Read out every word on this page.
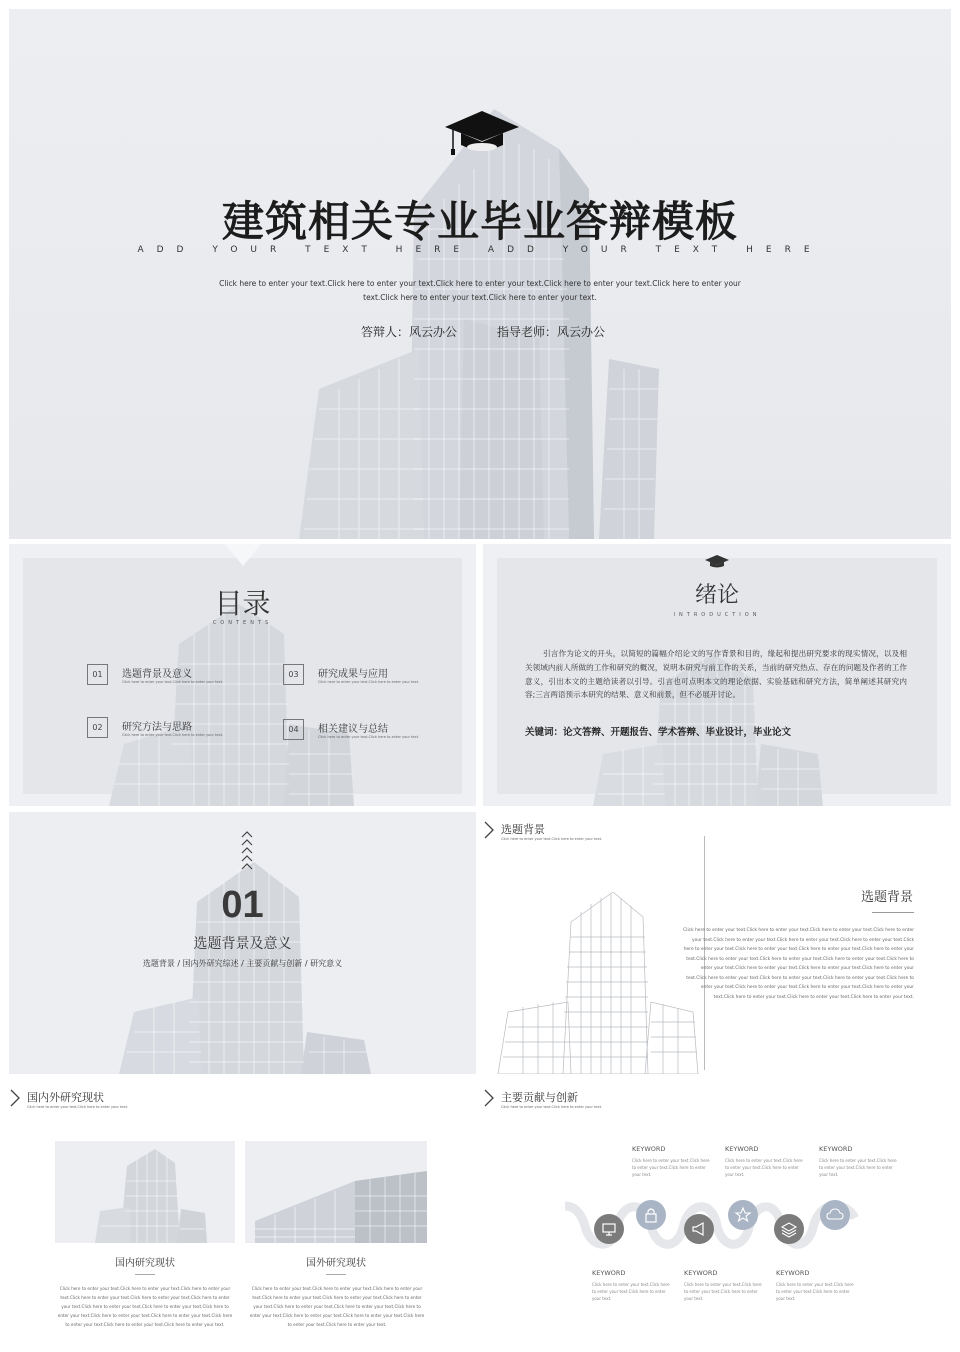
建筑相关专业毕业答辩模板
ADD YOUR TEXT HERE ADD YOUR TEXT HERE
Click here to enter your text.Click here to enter your text.Click here to enter your text.Click here to enter your text.Click here to enter your text.Click here to enter your text.Click here to enter your text.
答辩人：风云办公	指导老师：风云办公
目录
CONTENTS
01	选题背景及意义
Click here to enter your text.Click here to enter your text.
02	研究方法与思路
Click here to enter your text.Click here to enter your text.
03	研究成果与应用
Click here to enter your text.Click here to enter your text.
04	相关建议与总结
Click here to enter your text.Click here to enter your text.
绪论
INTRODUCTION
引言作为论文的开头，以简短的篇幅介绍论文的写作背景和目的，缘起和提出研究要求的现实情况，以及相关领域内前人所做的工作和研究的概况，说明本研究与前工作的关系，当前的研究热点、存在的问题及作者的工作意义，引出本文的主题给读者以引导。引言也可点明本文的理论依据、实验基础和研究方法，简单阐述其研究内容;三言两语预示本研究的结果、意义和前景，但不必展开讨论。
关键词：论文答辩、开题报告、学术答辩、毕业设计，毕业论文
01
选题背景及意义
选题背景 / 国内外研究综述 / 主要贡献与创新 / 研究意义
选题背景
Click here to enter your text.Click here to enter your text.
选题背景
Click here to enter your text.Click here to enter your text.Click here to enter your text.Click here to enter your text.Click here to enter your text.Click here to enter your text.Click here to enter your text.Click here to enter your text.Click here to enter your text.Click here to enter your text.Click here to enter your text.Click here to enter your text.Click here to enter your text.Click here to enter your text.Click here to enter your text.Click here to enter your text.Click here to enter your text.Click here to enter your text.Click here to enter your text.Click here to enter your text.Click here to enter your text.Click here to enter your text.Click here to enter your text.Click here to enter your text.Click here to enter your text.Click here to enter your text.Click here to enter your text.Click here to enter your text.
国内外研究现状
Click here to enter your text.Click here to enter your text.
国内研究现状
Click here to enter your text.Click here to enter your text.Click here to enter your text.Click here to enter your text.Click here to enter your text.Click here to enter your text.Click here to enter your text.Click here to enter your text.Click here to enter your text.Click here to enter your text.Click here to enter your text.Click here to enter your text.Click here to enter your text.Click here to enter your text.
国外研究现状
Click here to enter your text.Click here to enter your text.Click here to enter your text.Click here to enter your text.Click here to enter your text.Click here to enter your text.Click here to enter your text.Click here to enter your text.Click here to enter your text.Click here to enter your text.Click here to enter your text.Click here to enter your text.Click here to enter your text.
主要贡献与创新
Click here to enter your text.Click here to enter your text.
KEYWORD
Click here to enter your text.Click here to enter your text.Click here to enter your text.
KEYWORD
Click here to enter your text.Click here to enter your text.Click here to enter your text.
KEYWORD
Click here to enter your text.Click here to enter your text.Click here to enter your text.
KEYWORD
Click here to enter your text.Click here to enter your text.Click here to enter your text.
KEYWORD
Click here to enter your text.Click here to enter your text.Click here to enter your text.
KEYWORD
Click here to enter your text.Click here to enter your text.Click here to enter your text.
